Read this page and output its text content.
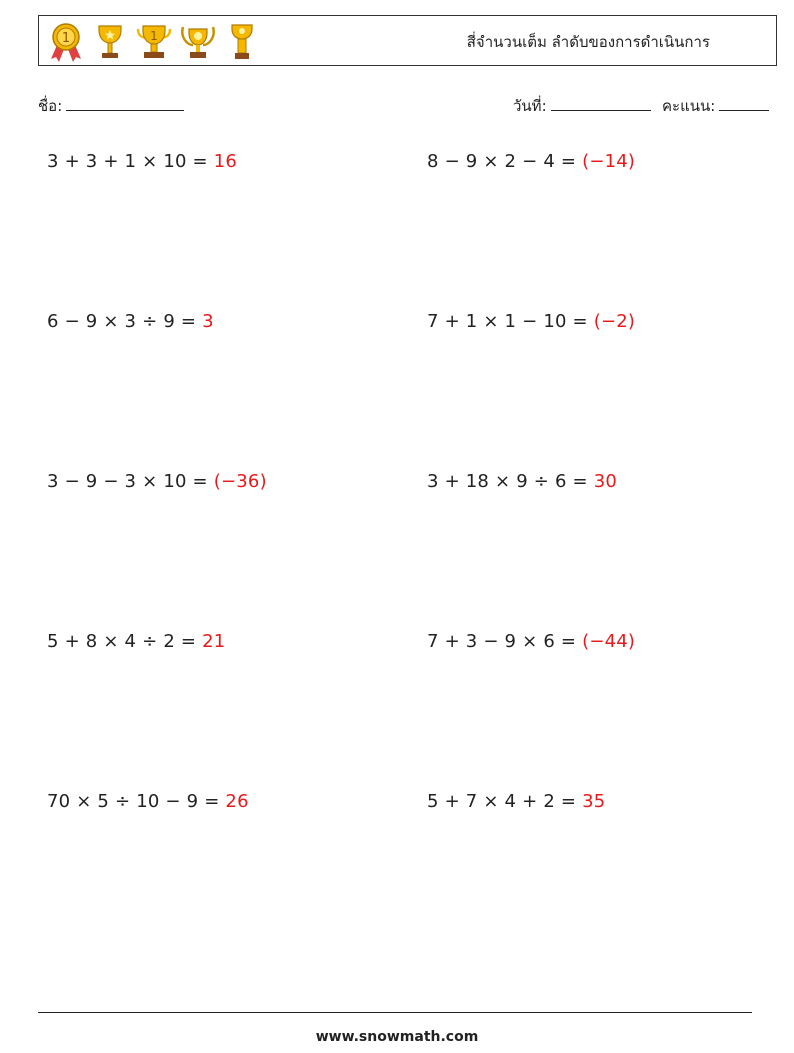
1	1	สี่จำนวนเต็ม ลำดับของการดำเนินการ
ชื่อ:	วันที่:	คะแนน:
3 + 3 + 1 × 10 = 16	8 − 9 × 2 − 4 = (−14)
6 − 9 × 3 ÷ 9 = 3	7 + 1 × 1 − 10 = (−2)
3 − 9 − 3 × 10 = (−36)	3 + 18 × 9 ÷ 6 = 30
5 + 8 × 4 ÷ 2 = 21	7 + 3 − 9 × 6 = (−44)
70 × 5 ÷ 10 − 9 = 26	5 + 7 × 4 + 2 = 35
www.snowmath.com
